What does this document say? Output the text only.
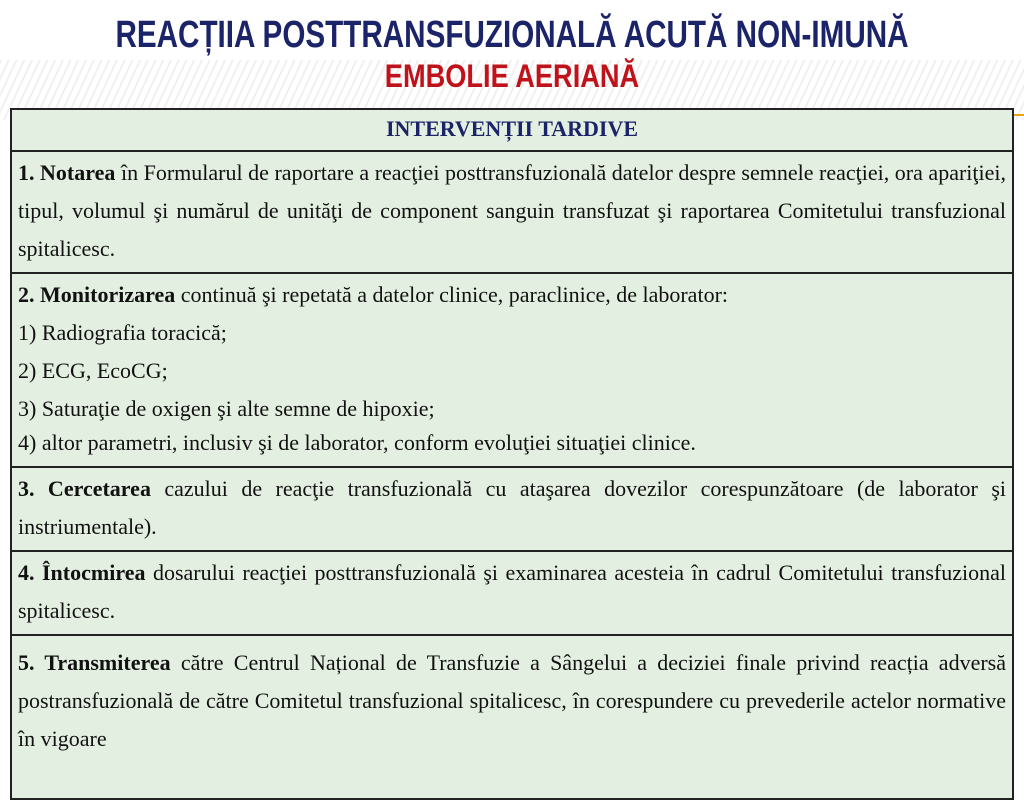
REACȚIIA POSTTRANSFUZIONALĂ ACUTĂ NON-IMUNĂ
EMBOLIE AERIANĂ
INTERVENȚII TARDIVE
1. Notarea în Formularul de raportare a reacţiei posttransfuzională datelor despre semnele reacţiei, ora apariţiei, tipul, volumul şi numărul de unităţi de component sanguin transfuzat şi raportarea Comitetului transfuzional spitalicesc.
2. Monitorizarea continuă şi repetată a datelor clinice, paraclinice, de laborator:
1) Radiografia toracică;
2) ECG, EcoCG;
3) Saturaţie de oxigen şi alte semne de hipoxie;
4) altor parametri, inclusiv şi de laborator, conform evoluţiei situaţiei clinice.

3. Cercetarea cazului de reacţie transfuzională cu ataşarea dovezilor corespunzătoare (de laborator şi instriumentale).
4. Întocmirea dosarului reacţiei posttransfuzională şi examinarea acesteia în cadrul Comitetului transfuzional spitalicesc.
5. Transmiterea către Centrul Național de Transfuzie a Sângelui a deciziei finale privind reacția adversă postransfuzională de către Comitetul transfuzional spitalicesc, în corespundere cu prevederile actelor normative în vigoare
